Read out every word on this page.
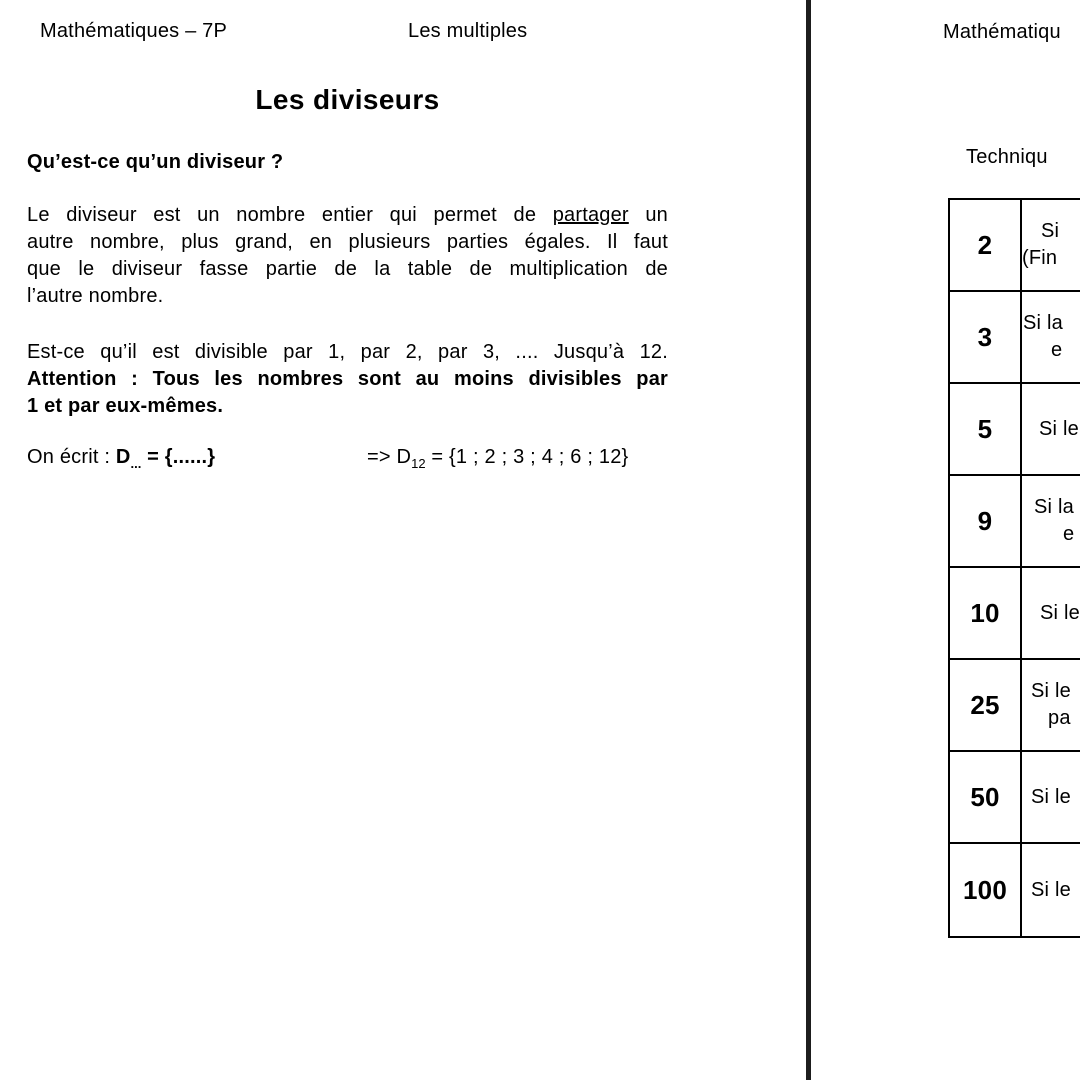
Mathématiques – 7P	Les multiples
Les diviseurs
Qu’est-ce qu’un diviseur ?
Le diviseur est un nombre entier qui permet de partager un
autre nombre, plus grand, en plusieurs parties égales. Il faut
que le diviseur fasse partie de la table de multiplication de
l’autre nombre.
Est-ce qu’il est divisible par 1, par 2, par 3, .... Jusqu’à 12.
Attention : Tous les nombres sont au moins divisibles par
1 et par eux-mêmes.
On écrit : $D_{...}$ = {......}	=> $D_{12} = \{1$ ; 2 ; 3 ; 4 ; 6 ; 12}
Mathématiqu
Techniqu
2	Si
(Fin
3	Si la
e
5	Si le
9	Si la
e
10	Si le
25	Si le
pa
50	Si le
100	Si le
